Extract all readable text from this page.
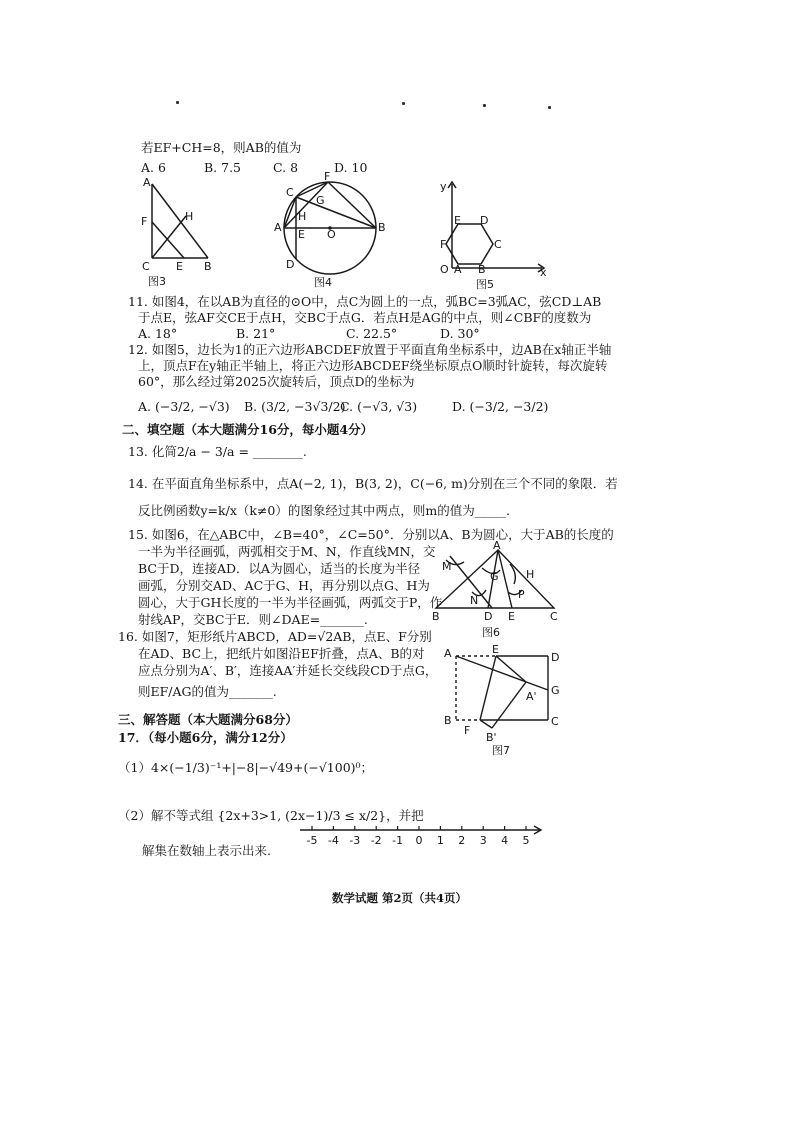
若EF+CH=8，则AB的值为
A. 6	B. 7.5	C. 8	D. 10
A
F	H
C E B
图3
F
C
G
H
A
E O
B
D
图4
y
E D
F	C
O A B	x
图5
11. 如图4，在以AB为直径的⊙O中，点C为圆上的一点，弧BC=3弧AC，弦CD⊥AB
于点E，弦AF交CE于点H，交BC于点G．若点H是AG的中点，则∠CBF的度数为
A. 18°	B. 21°	C. 22.5°	D. 30°
12. 如图5，边长为1的正六边形ABCDEF放置于平面直角坐标系中，边AB在x轴正半轴
上，顶点F在y轴正半轴上，将正六边形ABCDEF绕坐标原点O顺时针旋转，每次旋转
60°，那么经过第2025次旋转后，顶点D的坐标为
A. (−3/2, −√3) B. (3/2, −3√3/2)
C. (−√3, √3)	D. (−3/2, −3/2)
二、填空题（本大题满分16分，每小题4分）
13. 化简2/a − 3/a = ________.
14. 在平面直角坐标系中，点A(−2, 1)，B(3, 2)，C(−6, m)分别在三个不同的象限．若
反比例函数y=k/x（k≠0）的图象经过其中两点，则m的值为_____.
15. 如图6，在△ABC中，∠B=40°，∠C=50°．分别以A、B为圆心，大于AB的长度的
一半为半径画弧，两弧相交于M、N，作直线MN，交
BC于D，连接AD．以A为圆心，适当的长度为半径
画弧，分别交AD、AC于G、H，再分别以点G、H为
圆心，大于GH长度的一半为半径画弧，两弧交于P，作
射线AP，交BC于E．则∠DAE=_______.
A
M
G H
N	P
B	D E	C
图6
16. 如图7，矩形纸片ABCD，AD=√2AB，点E、F分别
在AD、BC上，把纸片如图沿EF折叠，点A、B的对
应点分别为A′、B′，连接AA′并延长交线段CD于点G，
则EF/AG的值为_______.
A	E
D
G
A'
B	C
F
B'
图7
三、解答题（本大题满分68分）
17．（每小题6分，满分12分）
（1）4×(−1/3)⁻¹+|−8|−√49+(−√100)⁰；
（2）解不等式组 {2x+3>1, (2x−1)/3 ≤ x/2}，并把
解集在数轴上表示出来.
-5 -4 -3 -2 -1 0 1 2 3 4 5
数学试题 第2页（共4页）
